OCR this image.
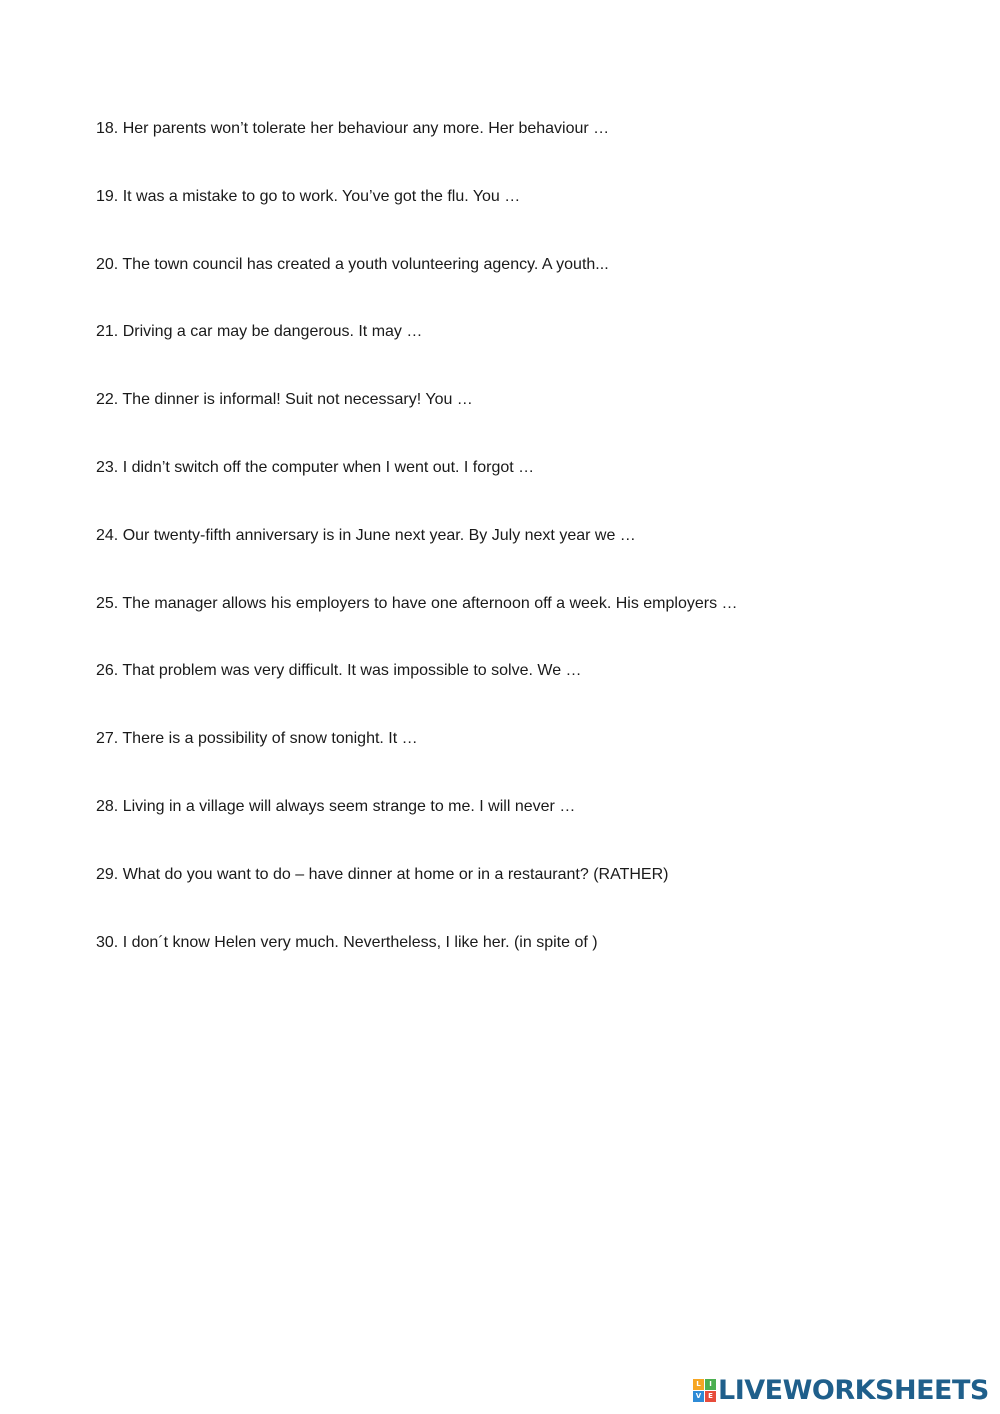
18. Her parents won’t tolerate her behaviour any more. Her behaviour …
19. It was a mistake to go to work. You’ve got the flu. You …
20. The town council has created a youth volunteering agency. A youth...
21. Driving a car may be dangerous. It may …
22. The dinner is informal! Suit not necessary! You …
23. I didn’t switch off the computer when I went out. I forgot …
24. Our twenty-fifth anniversary is in June next year. By July next year we …
25. The manager allows his employers to have one afternoon off a week. His employers …
26. That problem was very difficult. It was impossible to solve. We …
27. There is a possibility of snow tonight. It …
28. Living in a village will always seem strange to me. I will never …
29. What do you want to do – have dinner at home or in a restaurant? (RATHER)
30. I don´t know Helen very much. Nevertheless, I like her. (in spite of )
L	I
V E LIVEWORKSHEETS
